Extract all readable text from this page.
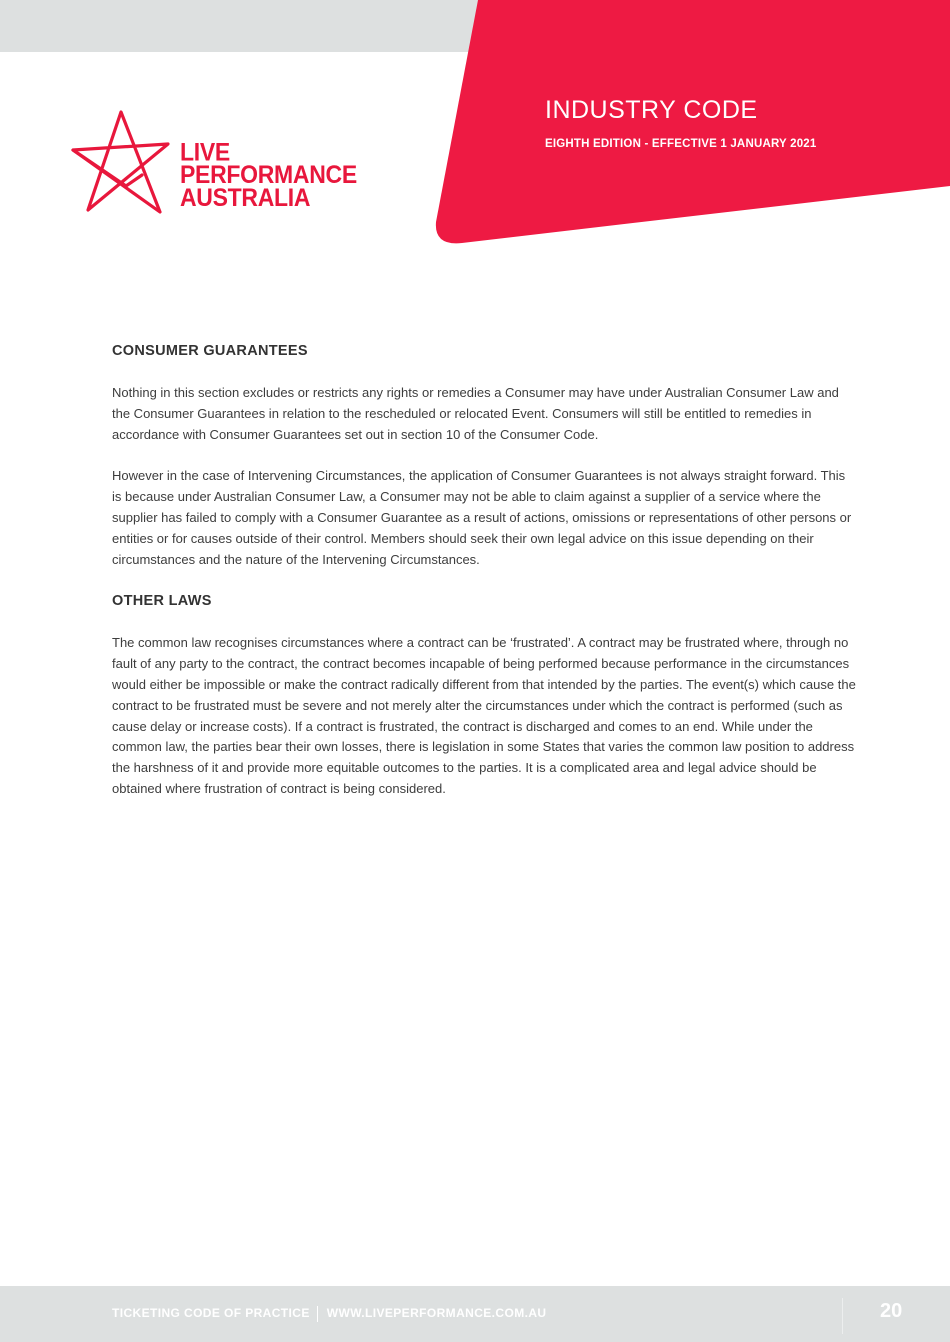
INDUSTRY CODE
EIGHTH EDITION - EFFECTIVE 1 JANUARY 2021
LIVE
PERFORMANCE
AUSTRALIA
CONSUMER GUARANTEES

Nothing in this section excludes or restricts any rights or remedies a Consumer may have under Australian Consumer Law and the Consumer Guarantees in relation to the rescheduled or relocated Event. Consumers will still be entitled to remedies in accordance with Consumer Guarantees set out in section 10 of the Consumer Code.

However in the case of Intervening Circumstances, the application of Consumer Guarantees is not always straight forward. This is because under Australian Consumer Law, a Consumer may not be able to claim against a supplier of a service where the supplier has failed to comply with a Consumer Guarantee as a result of actions, omissions or representations of other persons or entities or for causes outside of their control. Members should seek their own legal advice on this issue depending on their circumstances and the nature of the Intervening Circumstances.

OTHER LAWS

The common law recognises circumstances where a contract can be ‘frustrated’. A contract may be frustrated where, through no fault of any party to the contract, the contract becomes incapable of being performed because performance in the circumstances would either be impossible or make the contract radically different from that intended by the parties. The event(s) which cause the contract to be frustrated must be severe and not merely alter the circumstances under which the contract is performed (such as cause delay or increase costs). If a contract is frustrated, the contract is discharged and comes to an end. While under the common law, the parties bear their own losses, there is legislation in some States that varies the common law position to address the harshness of it and provide more equitable outcomes to the parties. It is a complicated area and legal advice should be obtained where frustration of contract is being considered.

TICKETING CODE OF PRACTICE WWW.LIVEPERFORMANCE.COM.AU	20
